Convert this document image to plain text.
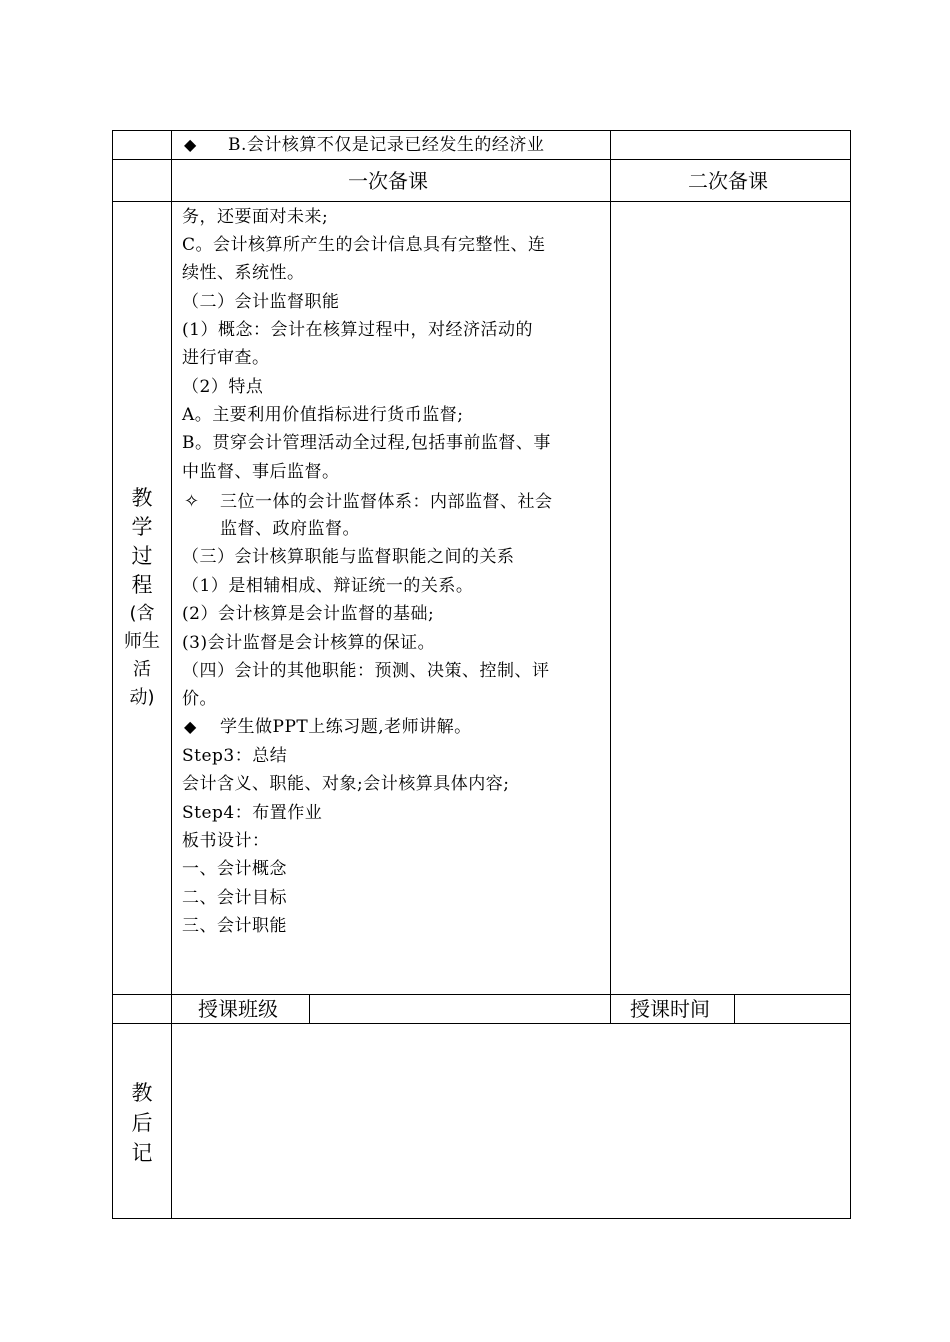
◆ B.会计核算不仅是记录已经发生的经济业
一次备课	二次备课
教
学
过
程
(含
师生
活
动)
务，还要面对未来;
C。会计核算所产生的会计信息具有完整性、连
续性、系统性。
（二）会计监督职能
(1）概念：会计在核算过程中，对经济活动的
进行审查。
（2）特点
A。主要利用价值指标进行货币监督;
B。贯穿会计管理活动全过程,包括事前监督、事
中监督、事后监督。
✧ 三位一体的会计监督体系：内部监督、社会
监督、政府监督。
（三）会计核算职能与监督职能之间的关系
（1）是相辅相成、辩证统一的关系。
(2）会计核算是会计监督的基础;
(3)会计监督是会计核算的保证。
（四）会计的其他职能：预测、决策、控制、评
价。
◆ 学生做PPT上练习题,老师讲解。
Step3：总结
会计含义、职能、对象;会计核算具体内容;
Step4：布置作业
板书设计：
一、会计概念
二、会计目标
三、会计职能
授课班级	授课时间
教
后
记
